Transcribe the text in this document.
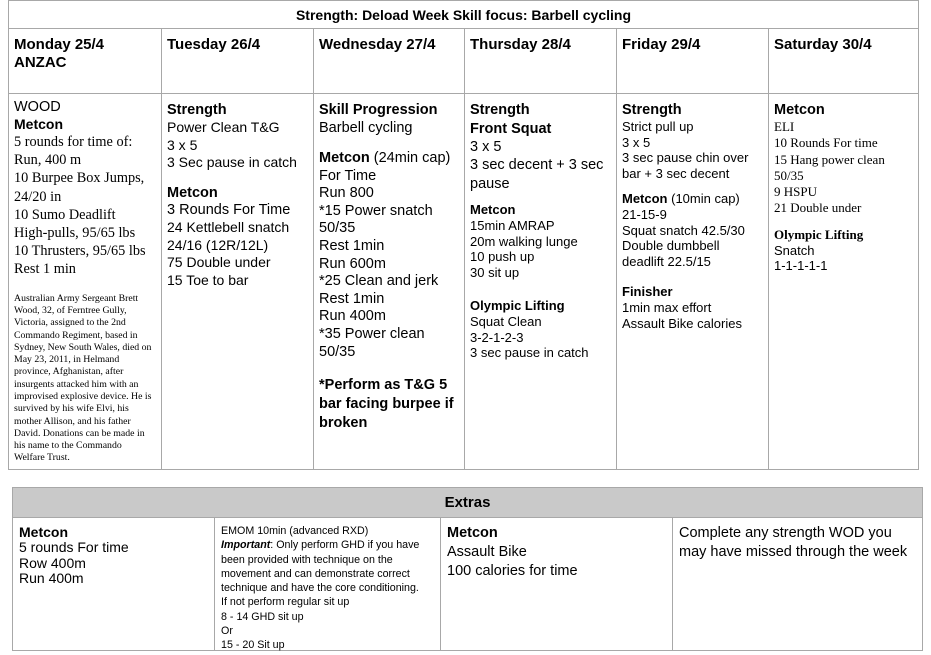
Strength: Deload Week Skill focus: Barbell cycling
Monday 25/4
ANZAC
WOOD
Metcon
5 rounds for time of:
Run, 400 m
10 Burpee Box Jumps,
24/20 in
10 Sumo Deadlift
High-pulls, 95/65 lbs
10 Thrusters, 95/65 lbs
Rest 1 min
Australian Army Sergeant Brett
Wood, 32, of Ferntree Gully,
Victoria, assigned to the 2nd
Commando Regiment, based in
Sydney, New South Wales, died on
May 23, 2011, in Helmand
province, Afghanistan, after
insurgents attacked him with an
improvised explosive device. He is
survived by his wife Elvi, his
mother Allison, and his father
David. Donations can be made in
his name to the Commando
Welfare Trust.
Tuesday 26/4
Strength
Power Clean T&G
3 x 5
3 Sec pause in catch
Metcon
3 Rounds For Time
24 Kettlebell snatch
24/16 (12R/12L)
75 Double under
15 Toe to bar
Wednesday 27/4
Skill Progression
Barbell cycling
Metcon (24min cap)
For Time
Run 800
*15 Power snatch
50/35
Rest 1min
Run 600m
*25 Clean and jerk
Rest 1min
Run 400m
*35 Power clean
50/35
*Perform as T&G 5
bar facing burpee if
broken
Thursday 28/4
Strength
Front Squat
3 x 5
3 sec decent + 3 sec
pause
Metcon
15min AMRAP
20m walking lunge
10 push up
30 sit up
Olympic Lifting
Squat Clean
3-2-1-2-3
3 sec pause in catch
Friday 29/4
Strength
Strict pull up
3 x 5
3 sec pause chin over
bar + 3 sec decent
Metcon (10min cap)
21-15-9
Squat snatch 42.5/30
Double dumbbell
deadlift 22.5/15
Finisher
1min max effort
Assault Bike calories
Saturday 30/4
Metcon
ELI
10 Rounds For time
15 Hang power clean
50/35
9 HSPU
21 Double under
Olympic Lifting
Snatch
1-1-1-1-1
Extras
Metcon
5 rounds For time
Row 400m
Run 400m
EMOM 10min (advanced RXD)
Important: Only perform GHD if you have
been provided with technique on the
movement and can demonstrate correct
technique and have the core conditioning.
If not perform regular sit up
8 - 14 GHD sit up
Or
15 - 20 Sit up
Metcon
Assault Bike
100 calories for time
Complete any strength WOD you
may have missed through the week
